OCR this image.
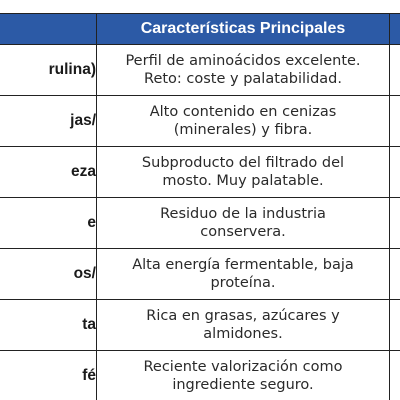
	Características Principales	
rulina)	Perfil de aminoácidos excelente.
Reto: coste y palatabilidad.	

jas/	Alto contenido en cenizas
(minerales) y fibra.	

eza	Subproducto del filtrado del
mosto. Muy palatable.	

e	Residuo de la industria
conservera.	

os/	Alta energía fermentable, baja
proteína.	

ta	Rica en grasas, azúcares y
almidones.	

fé	Reciente valorización como
ingrediente seguro.	
